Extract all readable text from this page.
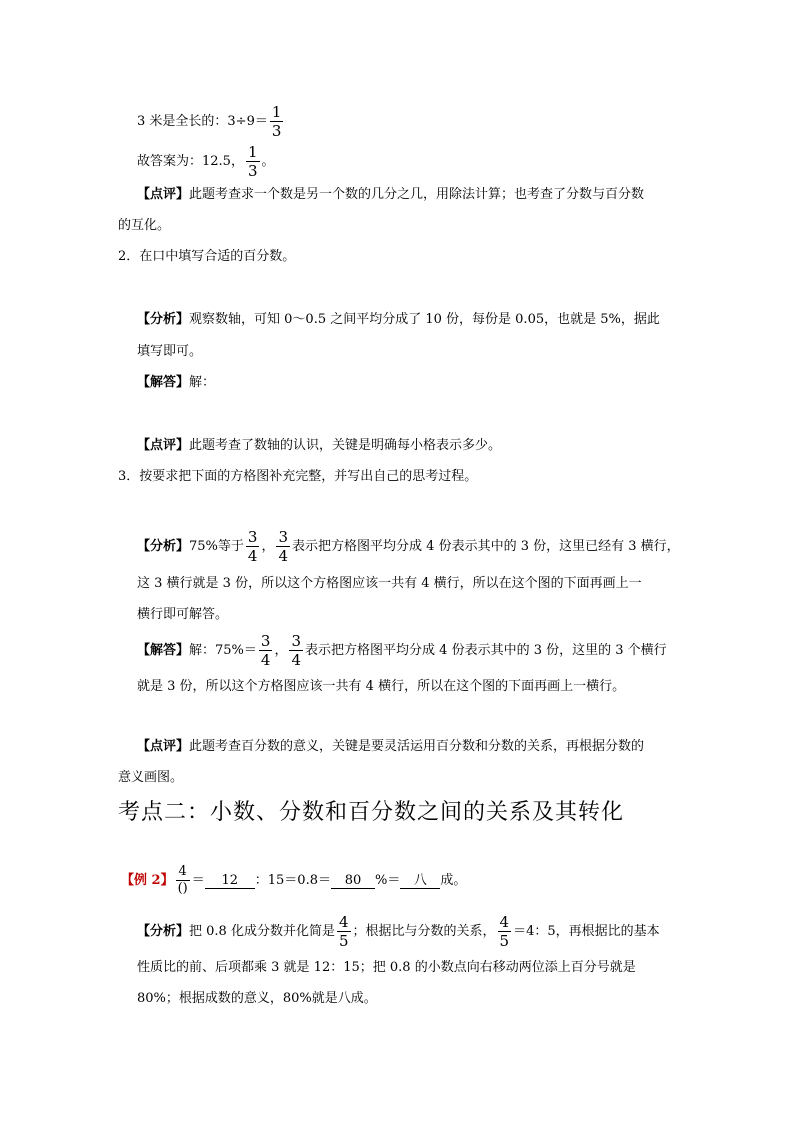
3 米是全长的：$3\div 9= \frac{1}{3}$
故答案为：12.5， $\frac{1}{3}$ 。
【点评】此题考查求一个数是另一个数的几分之几，用除法计算；也考查了分数与百分数
的互化。
2．在口中填写合适的百分数。
【分析】观察数轴，可知 0～0.5 之间平均分成了 10 份，每份是 0.05，也就是 5%，据此
填写即可。
【解答】解：
【点评】此题考查了数轴的认识，关键是明确每小格表示多少。
3．按要求把下面的方格图补充完整，并写出自己的思考过程。
【分析】75%等于 $\frac{3}{4}$ ， $\frac{3}{4}$ 表示把方格图平均分成 4 份表示其中的 3 份，这里已经有 3 横行，
这 3 横行就是 3 份，所以这个方格图应该一共有 4 横行，所以在这个图的下面再画上一
横行即可解答。
【解答】解：$75\%= \frac{3}{4}$ ， $\frac{3}{4}$ 表示把方格图平均分成 4 份表示其中的 3 份，这里的 3 个横行
就是 3 份，所以这个方格图应该一共有 4 横行，所以在这个图的下面再画上一横行。
【点评】此题考查百分数的意义，关键是要灵活运用百分数和分数的关系，再根据分数的
意义画图。
考点二：小数、分数和百分数之间的关系及其转化
【例 2】 $\frac{4}{()} = 12$ ：15＝0.8＝ 80 %＝ 八 成。
【分析】把 0.8 化成分数并化简是 $\frac{4}{5}$ ；根据比与分数的关系， $\frac{4}{5} =4$：5，再根据比的基本
性质比的前、后项都乘 3 就是 12：15；把 0.8 的小数点向右移动两位添上百分号就是
80%；根据成数的意义，80%就是八成。
